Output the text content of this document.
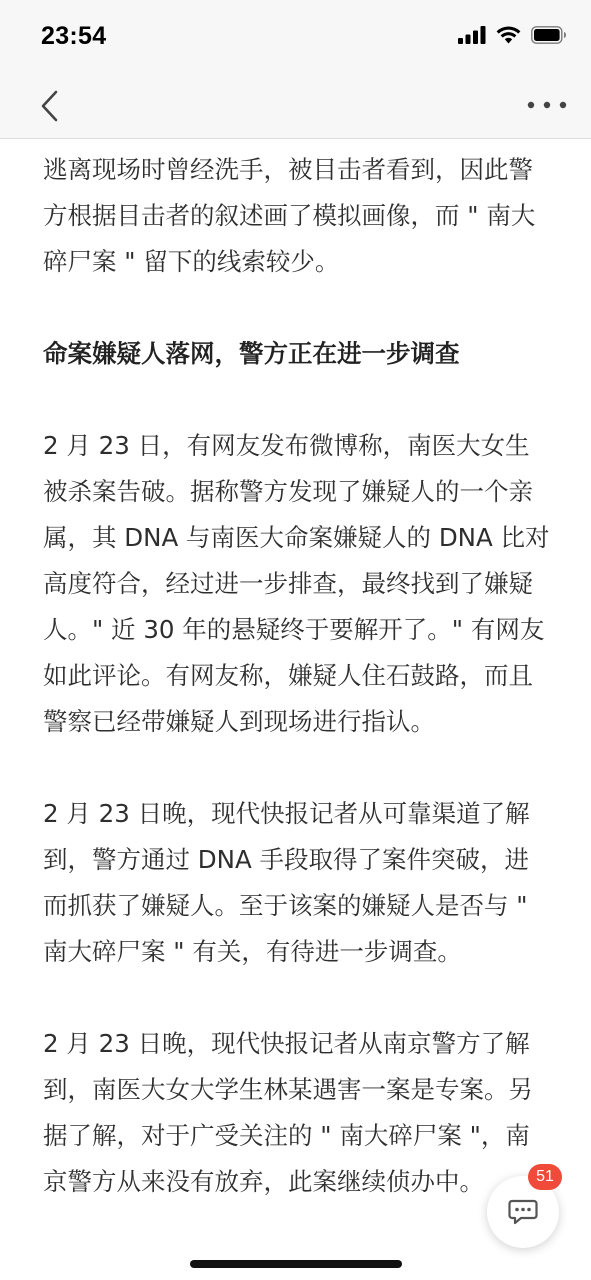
23:54

逃离现场时曾经洗手，被目击者看到，因此警方根据目击者的叙述画了模拟画像，而 " 南大碎尸案 " 留下的线索较少。

命案嫌疑人落网，警方正在进一步调查

2 月 23 日，有网友发布微博称，南医大女生被杀案告破。据称警方发现了嫌疑人的一个亲属，其 DNA 与南医大命案嫌疑人的 DNA 比对高度符合，经过进一步排查，最终找到了嫌疑人。" 近 30 年的悬疑终于要解开了。" 有网友如此评论。有网友称，嫌疑人住石鼓路，而且警察已经带嫌疑人到现场进行指认。

2 月 23 日晚，现代快报记者从可靠渠道了解到，警方通过 DNA 手段取得了案件突破，进而抓获了嫌疑人。至于该案的嫌疑人是否与 " 南大碎尸案 " 有关，有待进一步调查。

2 月 23 日晚，现代快报记者从南京警方了解到，南医大女大学生林某遇害一案是专案。另据了解，对于广受关注的 " 南大碎尸案 "，南京警方从来没有放弃，此案继续侦办中。	51
